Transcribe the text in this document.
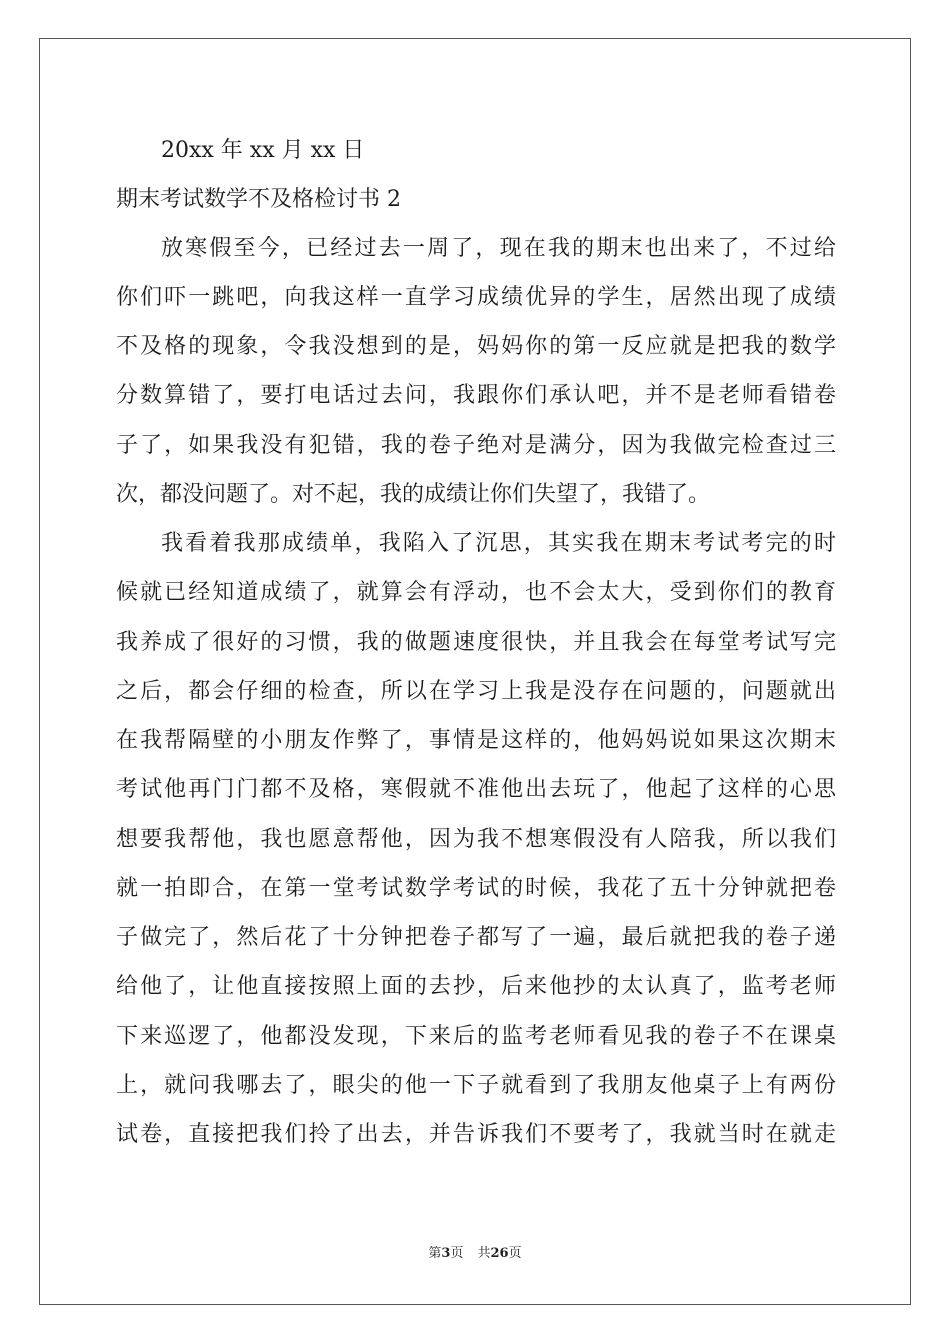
20xx 年 xx 月 xx 日
期末考试数学不及格检讨书 2
放寒假至今，已经过去一周了，现在我的期末也出来了，不过给
你们吓一跳吧，向我这样一直学习成绩优异的学生，居然出现了成绩
不及格的现象，令我没想到的是，妈妈你的第一反应就是把我的数学
分数算错了，要打电话过去问，我跟你们承认吧，并不是老师看错卷
子了，如果我没有犯错，我的卷子绝对是满分，因为我做完检查过三
次，都没问题了。对不起，我的成绩让你们失望了，我错了。
我看着我那成绩单，我陷入了沉思，其实我在期末考试考完的时
候就已经知道成绩了，就算会有浮动，也不会太大，受到你们的教育
我养成了很好的习惯，我的做题速度很快，并且我会在每堂考试写完
之后，都会仔细的检查，所以在学习上我是没存在问题的，问题就出
在我帮隔壁的小朋友作弊了，事情是这样的，他妈妈说如果这次期末
考试他再门门都不及格，寒假就不准他出去玩了，他起了这样的心思
想要我帮他，我也愿意帮他，因为我不想寒假没有人陪我，所以我们
就一拍即合，在第一堂考试数学考试的时候，我花了五十分钟就把卷
子做完了，然后花了十分钟把卷子都写了一遍，最后就把我的卷子递
给他了，让他直接按照上面的去抄，后来他抄的太认真了，监考老师
下来巡逻了，他都没发现，下来后的监考老师看见我的卷子不在课桌
上，就问我哪去了，眼尖的他一下子就看到了我朋友他桌子上有两份
试卷，直接把我们拎了出去，并告诉我们不要考了，我就当时在就走
第3页 共26页
